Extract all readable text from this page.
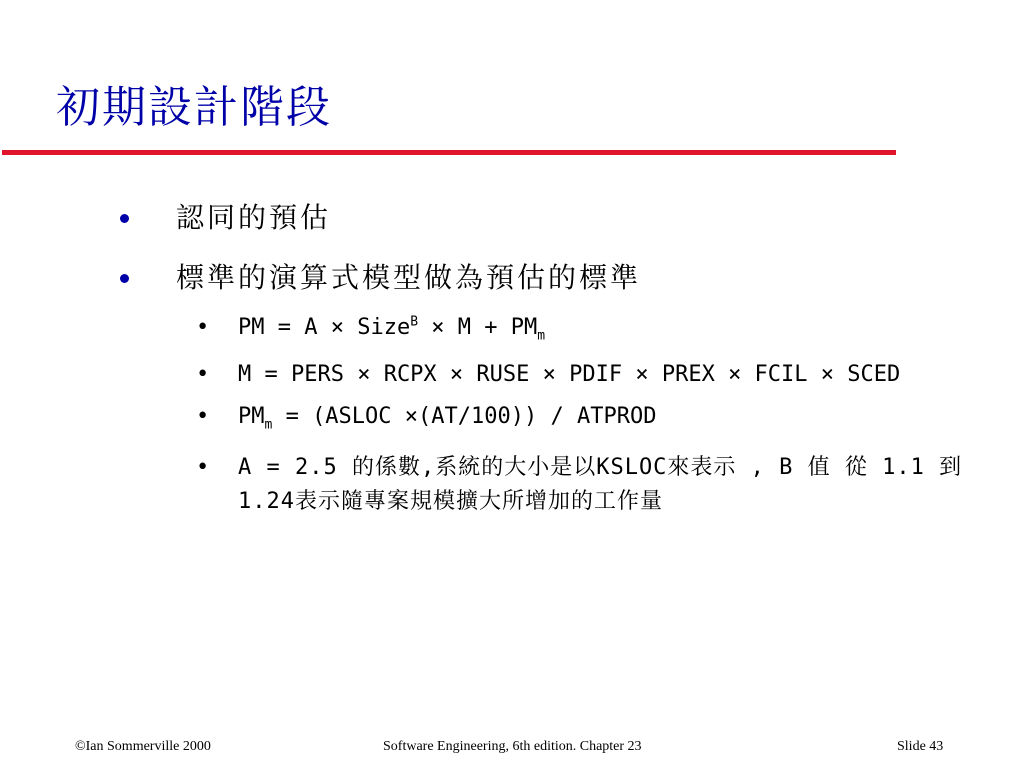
初期設計階段
認同的預估
標準的演算式模型做為預估的標準
• PM = A × Size$^B$ × $M + PM_m$
• M = PERS × RCPX × RUSE × PDIF × PREX × FCIL × SCED
• $PM_m$ = (ASLOC ×(AT/100)) / ATPROD
• A = 2.5 的係數,系統的大小是以KSLOC來表示 , B 值 從 1.1 到 1.24表示隨專案規模擴大所增加的工作量
©Ian Sommerville 2000	Software Engineering, 6th edition. Chapter 23	Slide 43
